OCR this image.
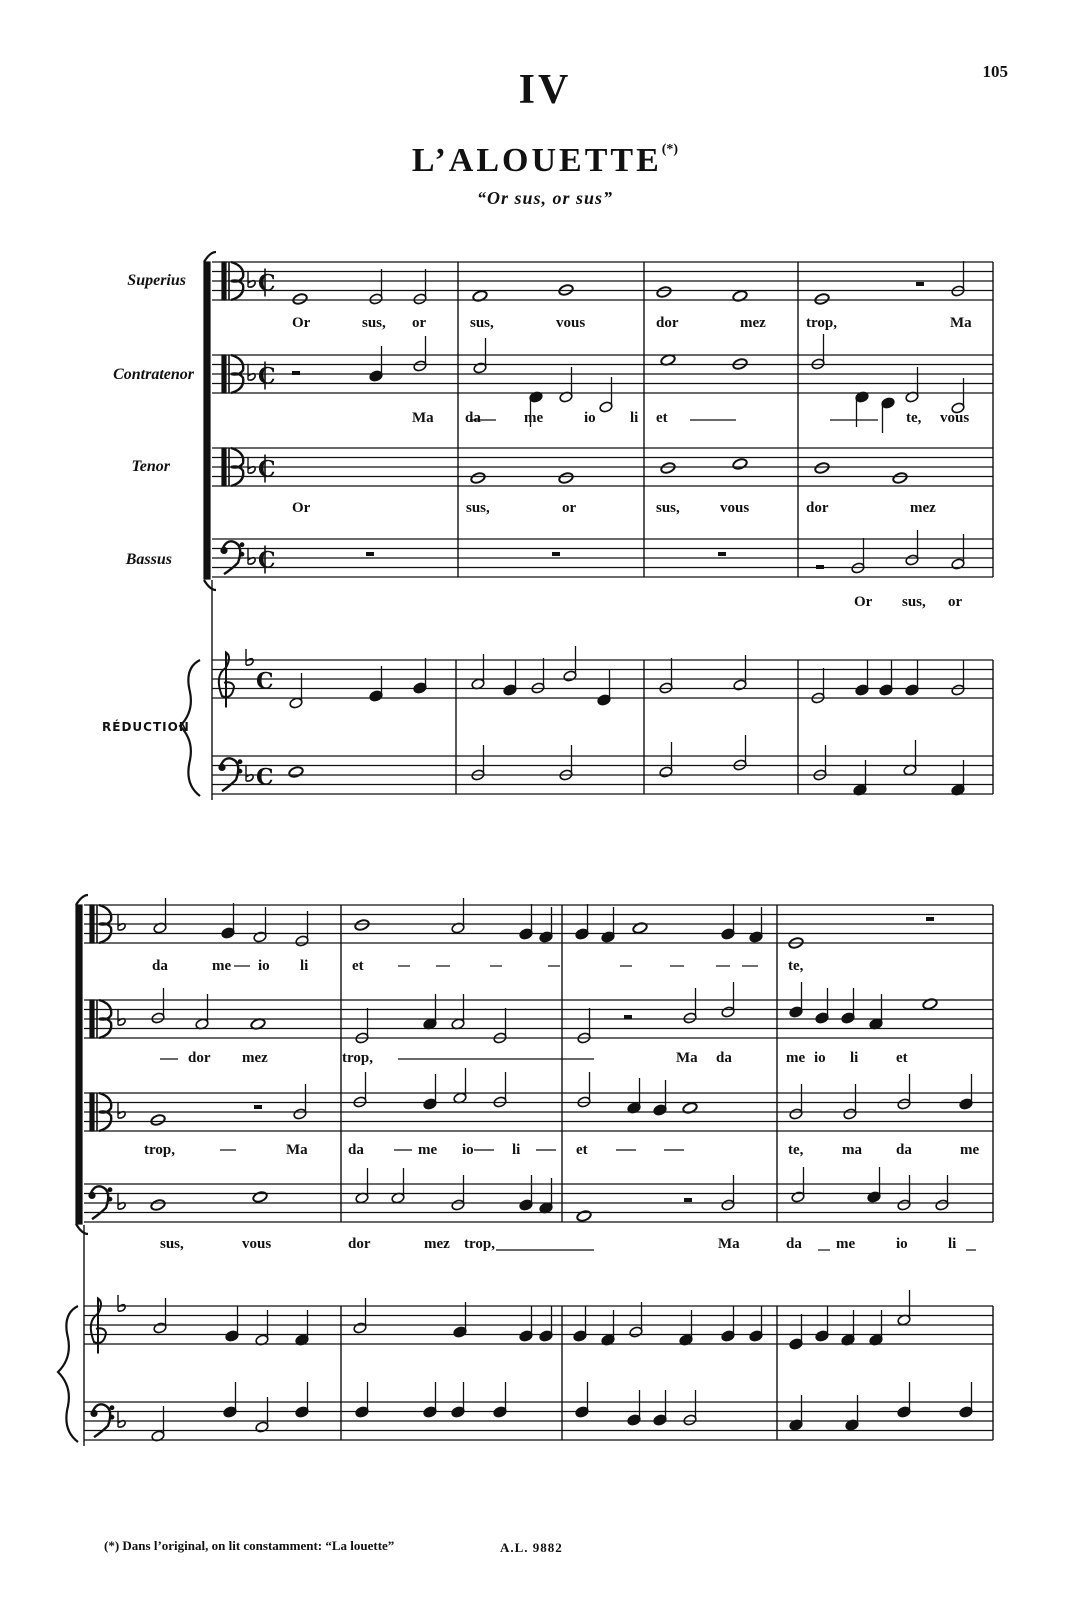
105
IV
L’ALOUETTE(*)
“Or sus, or sus”
Superius
Contratenor
Tenor
Bassus
RÉDUCTION
C
C
C
C
C
C
Or	sus, or	sus,	vous	dor	mez	trop,	Ma
Ma da	me	io li et	te, vous
Or	sus,	or	sus,	vous	dor	mez
Or sus, or
da	me io li	et	te,
dor mez	trop,	Ma da	me io li	et
trop,	Ma	da	me io	li	et	te,	ma da	me
sus,	vous	dor	mez trop,	Ma	da me	io	li
(*) Dans l’original, on lit constamment: “La louette”	A.L. 9882
